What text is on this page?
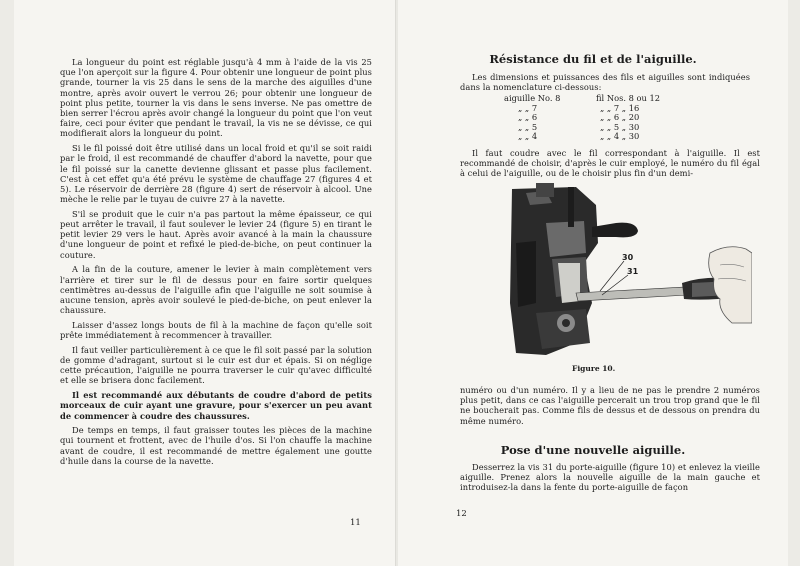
La longueur du point est réglable jusqu'à 4 mm à l'aide de la vis 25 que l'on aperçoit sur la figure 4. Pour obtenir une longueur de point plus grande, tourner la vis 25 dans le sens de la marche des aiguilles d'une montre, après avoir ouvert le verrou 26; pour obtenir une longueur de point plus petite, tourner la vis dans le sens inverse. Ne pas omettre de bien serrer l'écrou après avoir changé la longueur du point que l'on veut faire, ceci pour éviter que pendant le travail, la vis ne se dévisse, ce qui modifierait alors la longueur du point.

Si le fil poissé doit être utilisé dans un local froid et qu'il se soit raidi par le froid, il est recommandé de chauffer d'abord la navette, pour que le fil poissé sur la canette devienne glissant et passe plus facilement. C'est à cet effet qu'a été prévu le système de chauffage 27 (figures 4 et 5). Le réservoir de derrière 28 (figure 4) sert de réservoir à alcool. Une mèche le relie par le tuyau de cuivre 27 à la navette.

S'il se produit que le cuir n'a pas partout la même épaisseur, ce qui peut arrêter le travail, il faut soulever le levier 24 (figure 5) en tirant le petit levier 29 vers le haut. Après avoir avancé à la main la chaussure d'une longueur de point et refixé le pied-de-biche, on peut continuer la couture.

A la fin de la couture, amener le levier à main complètement vers l'arrière et tirer sur le fil de dessus pour en faire sortir quelques centimètres au-dessus de l'aiguille afin que l'aiguille ne soit soumise à aucune tension, après avoir soulevé le pied-de-biche, on peut enlever la chaussure.

Laisser d'assez longs bouts de fil à la machine de façon qu'elle soit prête immédiatement à recommencer à travailler.

Il faut veiller particulièrement à ce que le fil soit passé par la solution de gomme d'adragant, surtout si le cuir est dur et épais. Si on néglige cette précaution, l'aiguille ne pourra traverser le cuir qu'avec difficulté et elle se brisera donc facilement.

Il est recommandé aux débutants de coudre d'abord de petits morceaux de cuir ayant une gravure, pour s'exercer un peu avant de commencer à coudre des chaussures.

De temps en temps, il faut graisser toutes les pièces de la machine qui tournent et frottent, avec de l'huile d'os. Si l'on chauffe la machine avant de coudre, il est recommandé de mettre également une goutte d'huile dans la course de la navette.

11
Résistance du fil et de l'aiguille.

Les dimensions et puissances des fils et aiguilles sont indiquées dans la nomenclature ci-dessous:

aiguille No. 8	fil Nos. 8 ou 12
„ „ 7	„ „ 7 „ 16
„ „ 6	„ „ 6 „ 20
„ „ 5	„ „ 5 „ 30
„ „ 4	„ „ 4 „ 30

Il faut coudre avec le fil correspondant à l'aiguille. Il est recommandé de choisir, d'après le cuir employé, le numéro du fil égal à celui de l'aiguille, ou de le choisir plus fin d'un demi-

30
31
Figure 10.

numéro ou d'un numéro. Il y a lieu de ne pas le prendre 2 numéros plus petit, dans ce cas l'aiguille percerait un trou trop grand que le fil ne boucherait pas. Comme fils de dessus et de dessous on prendra du même numéro.

Pose d'une nouvelle aiguille.

Desserrez la vis 31 du porte-aiguille (figure 10) et enlevez la vieille aiguille. Prenez alors la nouvelle aiguille de la main gauche et introduisez-la dans la fente du porte-aiguille de façon

12
